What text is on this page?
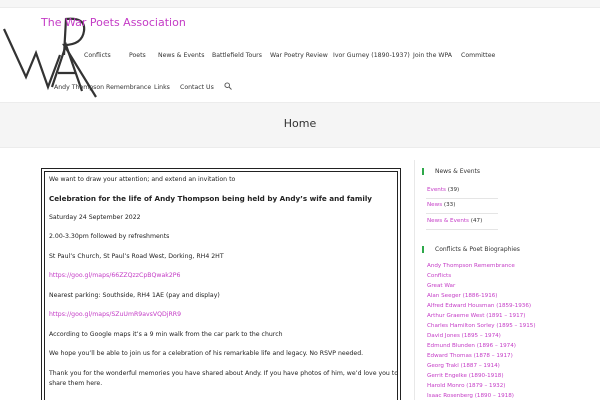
The War Poets Association
Conflicts	Poets News & Events Battlefield Tours War Poetry Review Ivor Gurney (1890-1937) Join the WPA Committee
Andy Thompson Remembrance Links Contact Us
Home

We want to draw your attention; and extend an invitation to

Celebration for the life of Andy Thompson being held by Andy’s wife and family

Saturday 24 September 2022

2.00-3.30pm followed by refreshments

St Paul’s Church, St Paul’s Road West, Dorking, RH4 2HT

https://goo.gl/maps/66ZZQzzCpBQwak2P6

Nearest parking: Southside, RH4 1AE (pay and display)

https://goo.gl/maps/SZuUmR9avsVQDjRR9

According to Google maps it’s a 9 min walk from the car park to the church

We hope you’ll be able to join us for a celebration of his remarkable life and legacy. No RSVP needed.

Thank you for the wonderful memories you have shared about Andy. If you have photos of him, we’d love you to

share them here.

News & Events
Events (39)
News (33)
News & Events (47)
Conflicts & Poet Biographies
Andy Thompson Remembrance
Conflicts
Great War
Alan Seeger (1886-1916)
Alfred Edward Housman (1859-1936)
Arthur Graeme West (1891 – 1917)
Charles Hamilton Sorley (1895 – 1915)
David Jones (1895 – 1974)
Edmund Blunden (1896 – 1974)
Edward Thomas (1878 – 1917)
Georg Trakl (1887 – 1914)
Gerrit Engelke (1890-1918)
Harold Monro (1879 – 1932)
Isaac Rosenberg (1890 – 1918)
